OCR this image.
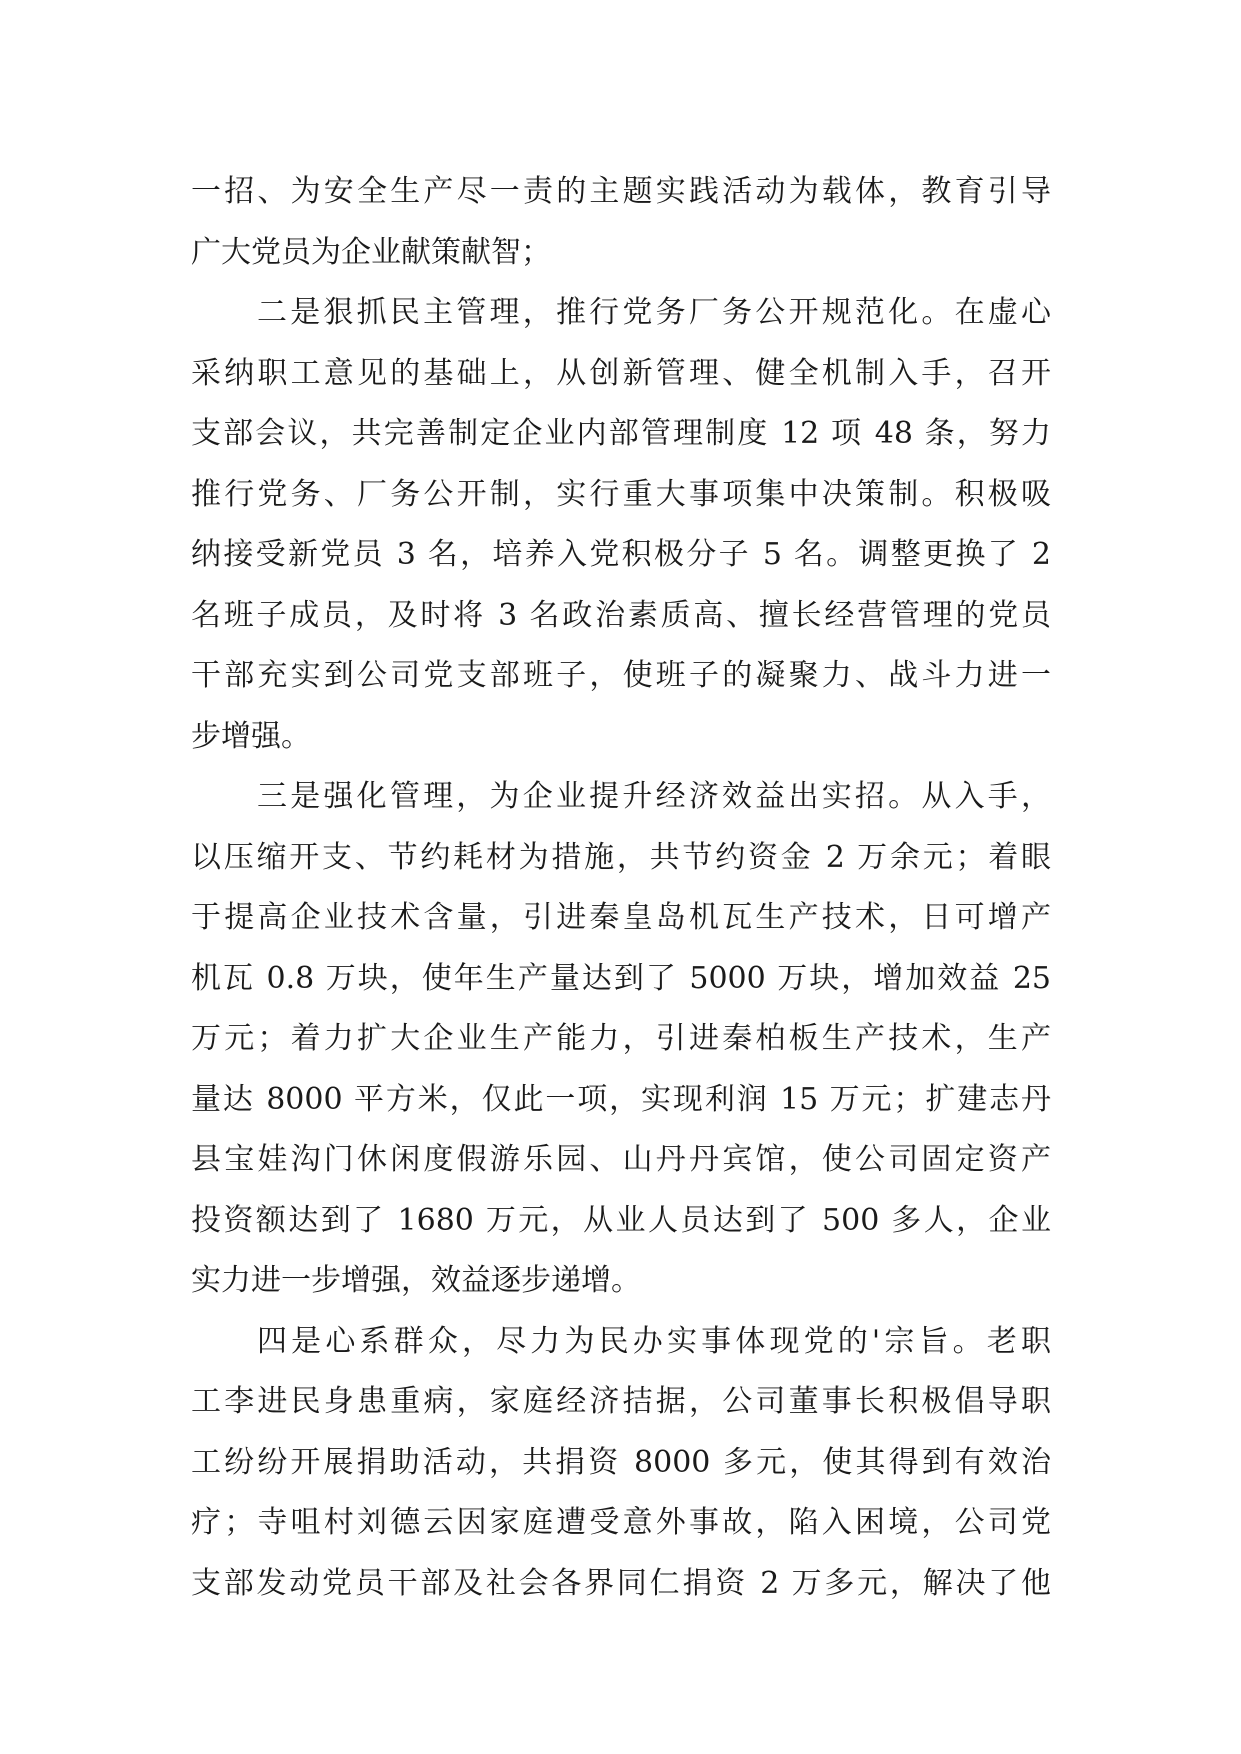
一招、为安全生产尽一责的主题实践活动为载体，教育引导
广大党员为企业献策献智；
二是狠抓民主管理，推行党务厂务公开规范化。在虚心
采纳职工意见的基础上，从创新管理、健全机制入手，召开
支部会议，共完善制定企业内部管理制度 12 项 48 条，努力
推行党务、厂务公开制，实行重大事项集中决策制。积极吸
纳接受新党员 3 名，培养入党积极分子 5 名。调整更换了 2
名班子成员，及时将 3 名政治素质高、擅长经营管理的党员
干部充实到公司党支部班子，使班子的凝聚力、战斗力进一
步增强。
三是强化管理，为企业提升经济效益出实招。从入手，
以压缩开支、节约耗材为措施，共节约资金 2 万余元；着眼
于提高企业技术含量，引进秦皇岛机瓦生产技术，日可增产
机瓦 0.8 万块，使年生产量达到了 5000 万块，增加效益 25
万元；着力扩大企业生产能力，引进秦柏板生产技术，生产
量达 8000 平方米，仅此一项，实现利润 15 万元；扩建志丹
县宝娃沟门休闲度假游乐园、山丹丹宾馆，使公司固定资产
投资额达到了 1680 万元，从业人员达到了 500 多人，企业
实力进一步增强，效益逐步递增。
四是心系群众，尽力为民办实事体现党的'宗旨。老职
工李进民身患重病，家庭经济拮据，公司董事长积极倡导职
工纷纷开展捐助活动，共捐资 8000 多元，使其得到有效治
疗；寺咀村刘德云因家庭遭受意外事故，陷入困境，公司党
支部发动党员干部及社会各界同仁捐资 2 万多元，解决了他
